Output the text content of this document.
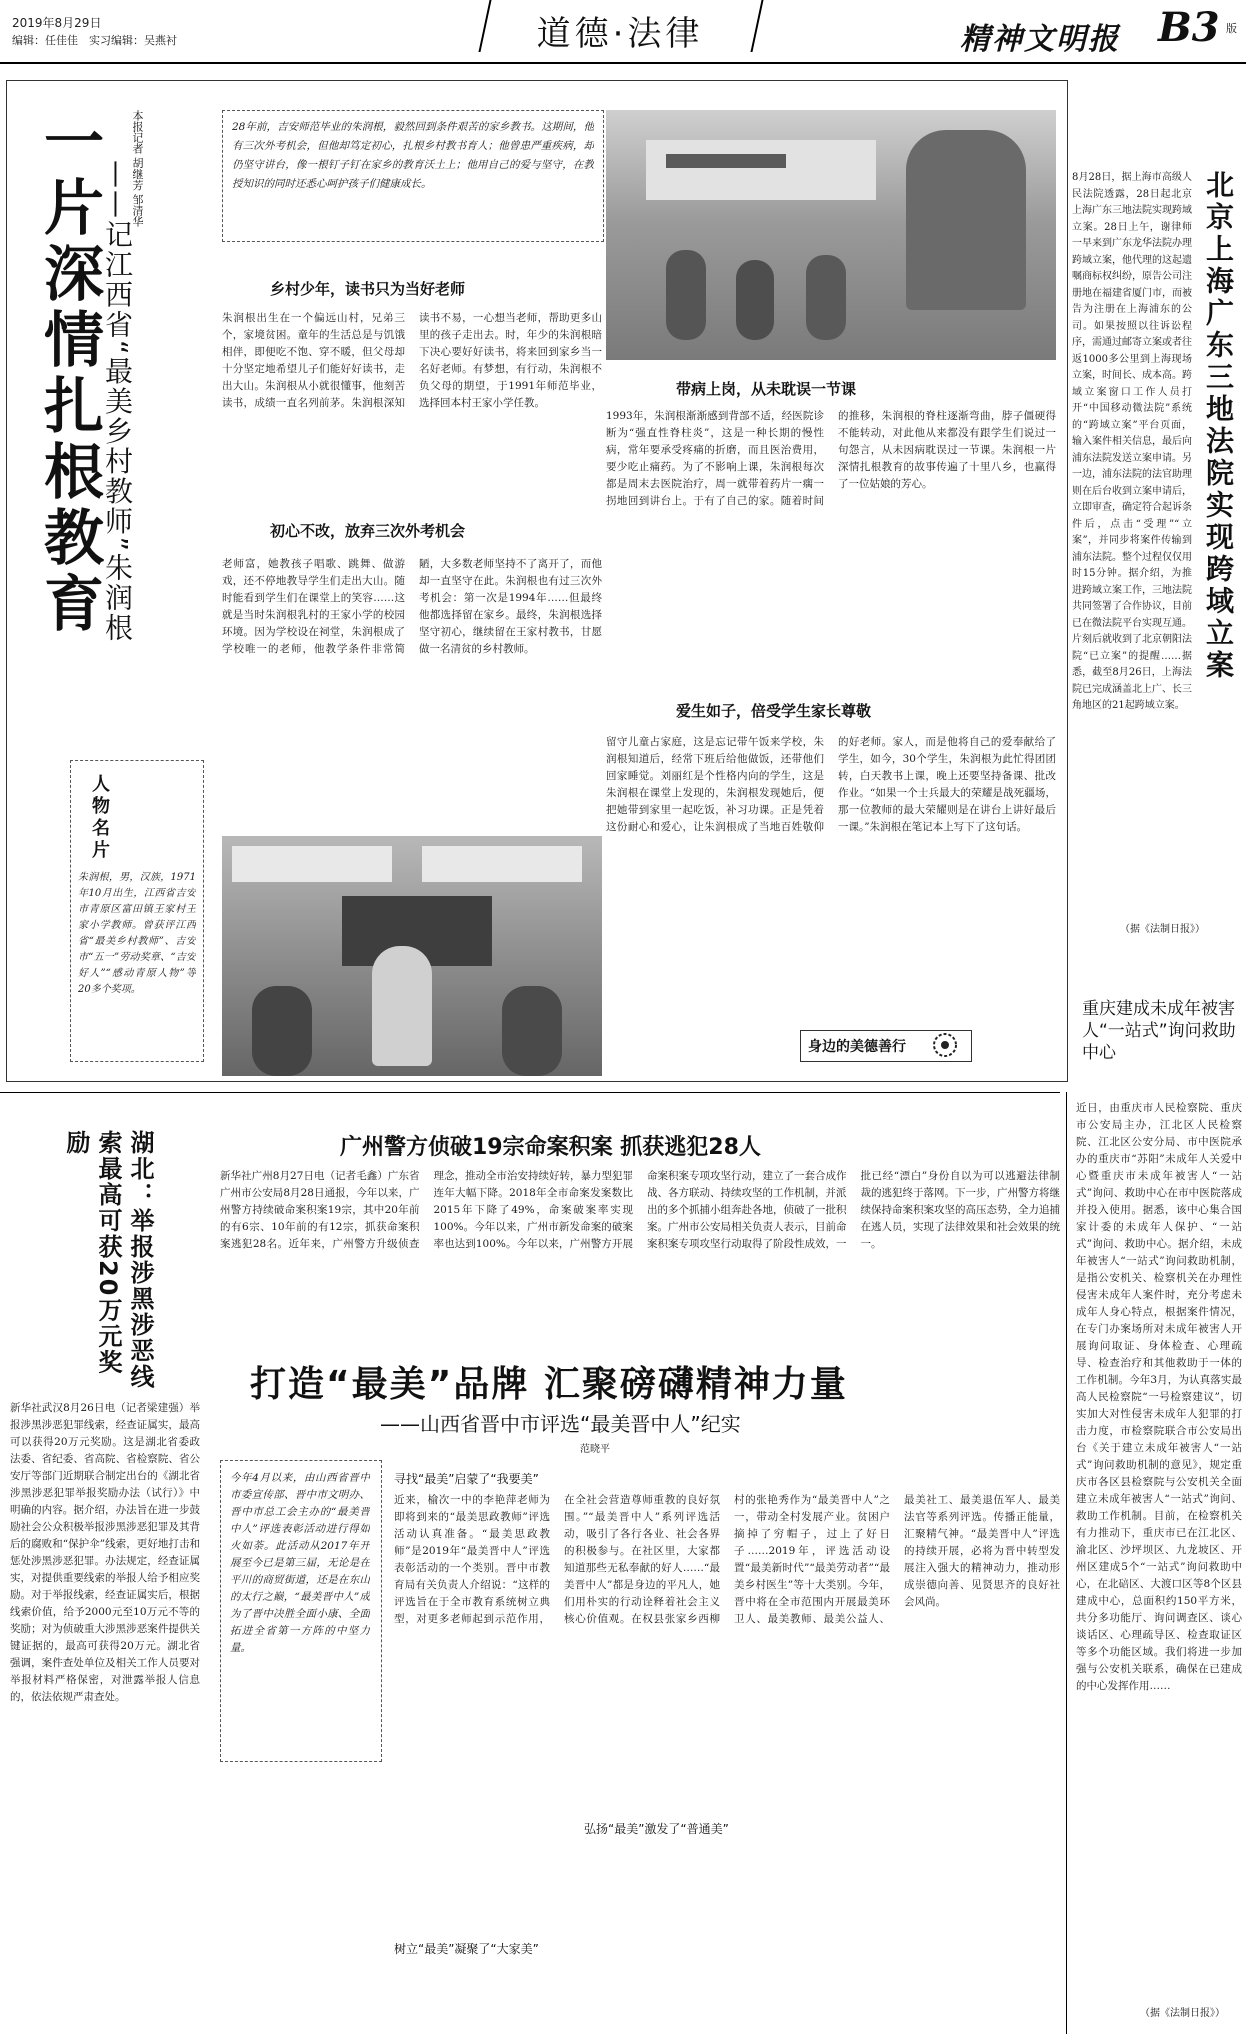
2019年8月29日
编辑：任佳佳　实习编辑：吴燕衬	道德·法律	精神文明报 B3 版
一片深情扎根教育
——记江西省“最美乡村教师”朱润根
本报记者 胡继芳 邹清华
人物名片
朱润根，男，汉族，1971年10月出生，江西省吉安市青原区富田镇王家村王家小学教师。曾获评江西省“最美乡村教师”、吉安市“五一”劳动奖章、“吉安好人”“感动青原人物”等20多个奖项。
28年前，吉安师范毕业的朱润根，毅然回到条件艰苦的家乡教书。这期间，他有三次外考机会，但他却笃定初心，扎根乡村教书育人；他曾患严重疾病，却仍坚守讲台，像一根钉子钉在家乡的教育沃土上；他用自己的爱与坚守，在教授知识的同时还悉心呵护孩子们健康成长。
乡村少年，读书只为当好老师
朱润根出生在一个偏远山村，兄弟三个，家境贫困。童年的生活总是与饥饿相伴，即便吃不饱、穿不暖，但父母却十分坚定地希望儿子们能好好读书，走出大山。朱润根从小就很懂事，他刻苦读书，成绩一直名列前茅。朱润根深知读书不易，一心想当老师，帮助更多山里的孩子走出去。时，年少的朱润根暗下决心要好好读书，将来回到家乡当一名好老师。有梦想，有行动，朱润根不负父母的期望，于1991年师范毕业，选择回本村王家小学任教。
初心不改，放弃三次外考机会
老师富，她教孩子唱歌、跳舞、做游戏，还不停地教导学生们走出大山。随时能看到学生们在课堂上的笑容……这就是当时朱润根乳村的王家小学的校园环境。因为学校设在祠堂，朱润根成了学校唯一的老师，他教学条件非常简陋，大多数老师坚持不了离开了，而他却一直坚守在此。朱润根也有过三次外考机会：第一次是1994年……但最终他都选择留在家乡。最终，朱润根选择坚守初心，继续留在王家村教书，甘愿做一名清贫的乡村教师。
带病上岗，从未耽误一节课
1993年，朱润根渐渐感到背部不适，经医院诊断为“强直性脊柱炎”，这是一种长期的慢性病，常年要承受疼痛的折磨，而且医治费用，要少吃止痛药。为了不影响上课，朱润根每次都是周末去医院治疗，周一就带着药片一瘸一拐地回到讲台上。于有了自己的家。随着时间的推移，朱润根的脊柱逐渐弯曲，脖子僵硬得不能转动，对此他从来都没有跟学生们说过一句怨言，从未因病耽误过一节课。朱润根一片深情扎根教育的故事传遍了十里八乡，也赢得了一位姑娘的芳心。
爱生如子，倍受学生家长尊敬
留守儿童占家庭，这是忘记带午饭来学校，朱润根知道后，经常下班后给他做饭，还带他们回家睡觉。刘丽红是个性格内向的学生，这是朱润根在课堂上发现的，朱润根发现她后，便把她带到家里一起吃饭，补习功课。正是凭着这份耐心和爱心，让朱润根成了当地百姓敬仰的好老师。家人，而是他将自己的爱奉献给了学生，如今，30个学生，朱润根为此忙得团团转，白天教书上课，晚上还要坚持备课、批改作业。“如果一个士兵最大的荣耀是战死疆场，那一位教师的最大荣耀则是在讲台上讲好最后一课。”朱润根在笔记本上写下了这句话。
身边的美德善行
北京上海广东三地法院实现跨域立案
8月28日，据上海市高级人民法院透露，28日起北京上海广东三地法院实现跨域立案。28日上午，谢律师一早来到广东龙华法院办理跨域立案，他代理的这起遗嘱商标权纠纷，原告公司注册地在福建省厦门市，而被告为注册在上海浦东的公司。如果按照以往诉讼程序，需通过邮寄立案或者往返1000多公里到上海现场立案，时间长、成本高。跨域立案窗口工作人员打开“中国移动微法院”系统的“跨域立案”平台页面，输入案件相关信息，最后向浦东法院发送立案申请。另一边，浦东法院的法官助理则在后台收到立案申请后，立即审查，确定符合起诉条件后，点击“受理”“立案”，并同步将案件传输到浦东法院。整个过程仅仅用时15分钟。据介绍，为推进跨域立案工作，三地法院共同签署了合作协议，目前已在微法院平台实现互通。片刻后就收到了北京朝阳法院“已立案”的提醒……据悉，截至8月26日，上海法院已完成涵盖北上广、长三角地区的21起跨域立案。
（据《法制日报》）
重庆建成未成年被害人“一站式”询问救助中心
广州警方侦破19宗命案积案 抓获逃犯28人
新华社广州8月27日电（记者毛鑫）广东省广州市公安局8月28日通报，今年以来，广州警方持续破命案积案19宗，其中20年前的有6宗、10年前的有12宗，抓获命案积案逃犯28名。近年来，广州警方升级侦查理念，推动全市治安持续好转，暴力型犯罪连年大幅下降。2018年全市命案发案数比2015年下降了49%，命案破案率实现100%。今年以来，广州市新发命案的破案率也达到100%。今年以来，广州警方开展命案积案专项攻坚行动，建立了一套合成作战、各方联动、持续攻坚的工作机制，并派出的多个抓捕小组奔赴各地，侦破了一批积案。广州市公安局相关负责人表示，目前命案积案专项攻坚行动取得了阶段性成效，一批已经“漂白”身份自以为可以逃避法律制裁的逃犯终于落网。下一步，广州警方将继续保持命案积案攻坚的高压态势，全力追捕在逃人员，实现了法律效果和社会效果的统一。
湖北：举报涉黑涉恶线索最高可获20万元奖励
新华社武汉8月26日电（记者梁建强）举报涉黑涉恶犯罪线索，经查证属实，最高可以获得20万元奖励。这是湖北省委政法委、省纪委、省高院、省检察院、省公安厅等部门近期联合制定出台的《湖北省涉黑涉恶犯罪举报奖励办法（试行）》中明确的内容。据介绍，办法旨在进一步鼓励社会公众积极举报涉黑涉恶犯罪及其背后的腐败和“保护伞”线索，更好地打击和惩处涉黑涉恶犯罪。办法规定，经查证属实，对提供重要线索的举报人给予相应奖励。对于举报线索，经查证属实后，根据线索价值，给予2000元至10万元不等的奖励；对为侦破重大涉黑涉恶案件提供关键证据的，最高可获得20万元。湖北省强调，案件查处单位及相关工作人员要对举报材料严格保密，对泄露举报人信息的，依法依规严肃查处。
打造“最美”品牌 汇聚磅礴精神力量
——山西省晋中市评选“最美晋中人”纪实
范晓平
今年4月以来，由山西省晋中市委宣传部、晋中市文明办、晋中市总工会主办的“最美晋中人”评选表彰活动进行得如火如荼。此活动从2017年开展至今已是第三届，无论是在平川的商贸街道，还是在东山的太行之巅，“最美晋中人”成为了晋中决胜全面小康、全面拓进全省第一方阵的中坚力量。
寻找“最美”启蒙了“我要美”
树立“最美”凝聚了“大家美”
弘扬“最美”激发了“普通美”
近来，榆次一中的李艳萍老师为即将到来的“最美思政教师”评选活动认真准备。“最美思政教师”是2019年“最美晋中人”评选表彰活动的一个类别。晋中市教育局有关负责人介绍说：“这样的评选旨在于全市教育系统树立典型，对更多老师起到示范作用，在全社会营造尊师重教的良好氛围。”“最美晋中人”系列评选活动，吸引了各行各业、社会各界的积极参与。在社区里，大家都知道那些无私奉献的好人……“最美晋中人”都是身边的平凡人，她们用朴实的行动诠释着社会主义核心价值观。在权县张家乡西柳村的张艳秀作为“最美晋中人”之一，带动全村发展产业。贫困户摘掉了穷帽子，过上了好日子……2019年，评选活动设置“最美新时代”“最美劳动者”“最美乡村医生”等十大类别。今年，晋中将在全市范围内开展最美环卫人、最美教师、最美公益人、最美社工、最美退伍军人、最美法官等系列评选。传播正能量，汇聚精气神。“最美晋中人”评选的持续开展，必将为晋中转型发展注入强大的精神动力，推动形成崇德向善、见贤思齐的良好社会风尚。
近日，由重庆市人民检察院、重庆市公安局主办，江北区人民检察院、江北区公安分局、市中医院承办的重庆市“苏阳”未成年人关爱中心暨重庆市未成年被害人“一站式”询问、救助中心在市中医院落成并投入使用。据悉，该中心集合国家计委的未成年人保护、“一站式”询问、救助中心。据介绍，未成年被害人“一站式”询问救助机制，是指公安机关、检察机关在办理性侵害未成年人案件时，充分考虑未成年人身心特点，根据案件情况，在专门办案场所对未成年被害人开展询问取证、身体检查、心理疏导、检查治疗和其他救助于一体的工作机制。今年3月，为认真落实最高人民检察院“一号检察建议”，切实加大对性侵害未成年人犯罪的打击力度，市检察院联合市公安局出台《关于建立未成年被害人“一站式”询问救助机制的意见》，规定重庆市各区县检察院与公安机关全面建立未成年被害人“一站式”询问、救助工作机制。目前，在检察机关有力推动下，重庆市已在江北区、渝北区、沙坪坝区、九龙坡区、开州区建成5个“一站式”询问救助中心，在北碚区、大渡口区等8个区县建成中心，总面积约150平方米，共分多功能厅、询问调查区、谈心谈话区、心理疏导区、检查取证区等多个功能区域。我们将进一步加强与公安机关联系，确保在已建成的中心发挥作用……
（据《法制日报》）
